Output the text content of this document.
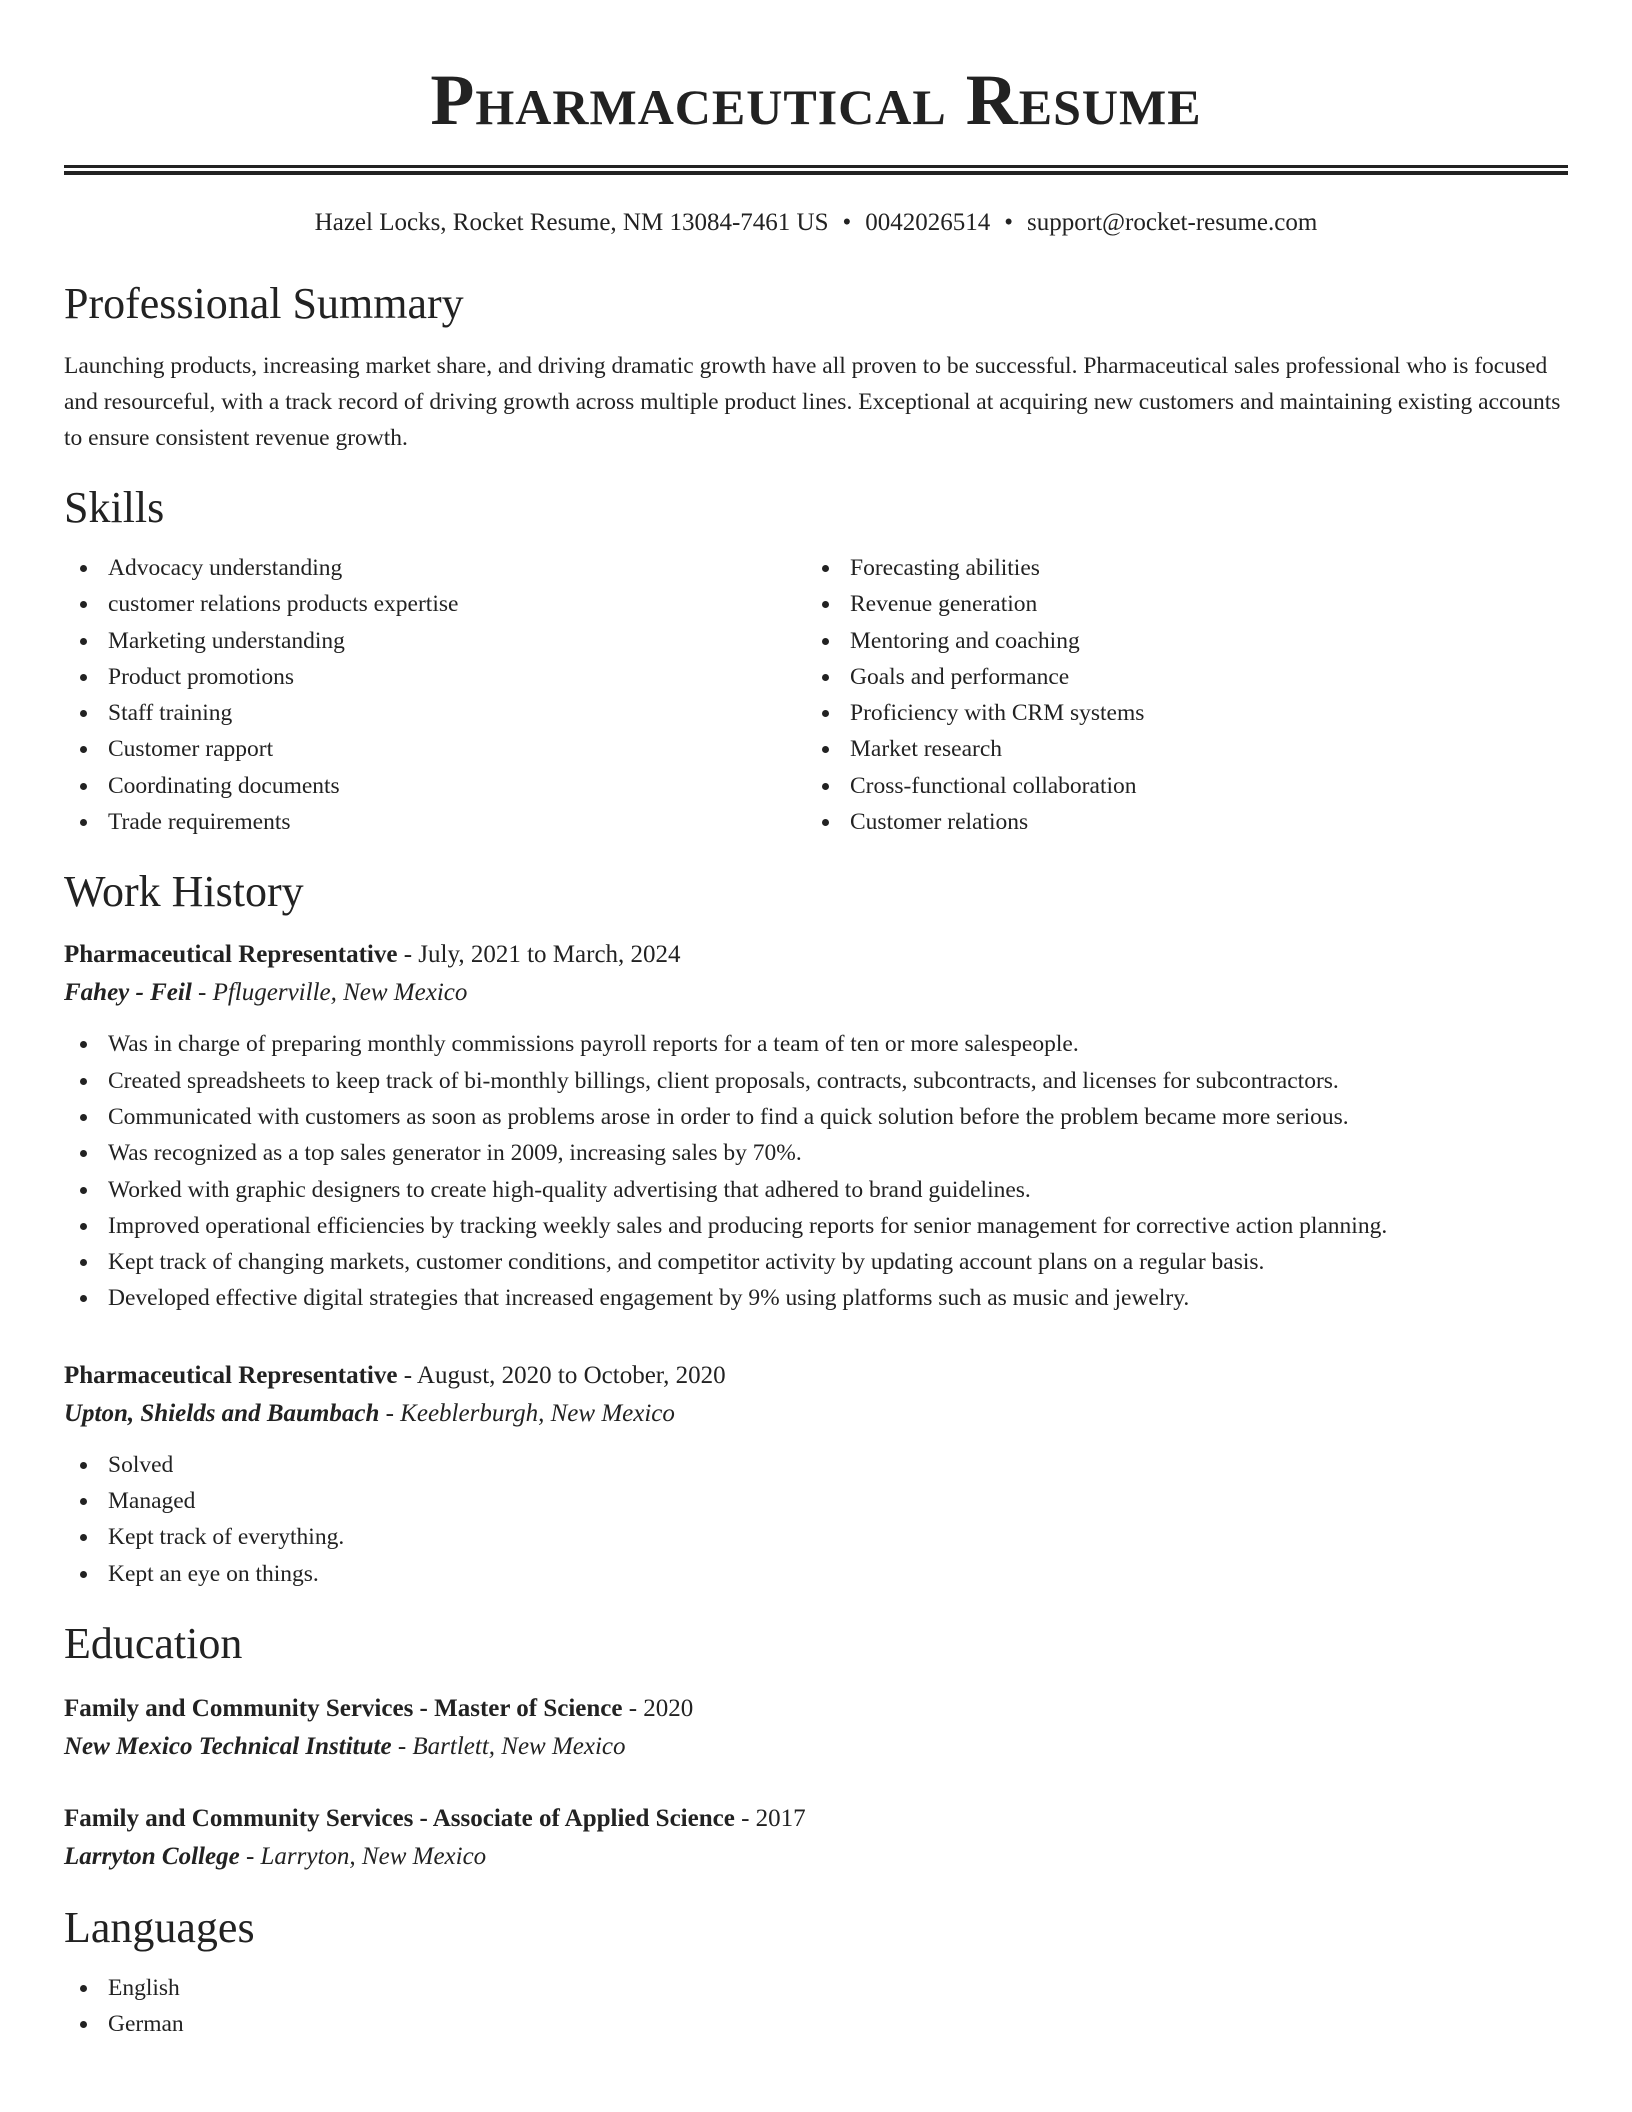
Pharmaceutical Resume
Hazel Locks, Rocket Resume, NM 13084-7461 US • 0042026514 • support@rocket-resume.com
Professional Summary

Launching products, increasing market share, and driving dramatic growth have all proven to be successful. Pharmaceutical sales professional who is focused and resourceful, with a track record of driving growth across multiple product lines. Exceptional at acquiring new customers and maintaining existing accounts to ensure consistent revenue growth.

Skills
Advocacy understanding
customer relations products expertise
Marketing understanding
Product promotions
Staff training
Customer rapport
Coordinating documents
Trade requirements
Forecasting abilities
Revenue generation
Mentoring and coaching
Goals and performance
Proficiency with CRM systems
Market research
Cross-functional collaboration
Customer relations
Work History
Pharmaceutical Representative - July, 2021 to March, 2024
Fahey - Feil - Pflugerville, New Mexico
Was in charge of preparing monthly commissions payroll reports for a team of ten or more salespeople.
Created spreadsheets to keep track of bi-monthly billings, client proposals, contracts, subcontracts, and licenses for subcontractors.
Communicated with customers as soon as problems arose in order to find a quick solution before the problem became more serious.
Was recognized as a top sales generator in 2009, increasing sales by 70%.
Worked with graphic designers to create high-quality advertising that adhered to brand guidelines.
Improved operational efficiencies by tracking weekly sales and producing reports for senior management for corrective action planning.
Kept track of changing markets, customer conditions, and competitor activity by updating account plans on a regular basis.
Developed effective digital strategies that increased engagement by 9% using platforms such as music and jewelry.
Pharmaceutical Representative - August, 2020 to October, 2020
Upton, Shields and Baumbach - Keeblerburgh, New Mexico
Solved
Managed
Kept track of everything.
Kept an eye on things.
Education
Family and Community Services - Master of Science - 2020
New Mexico Technical Institute - Bartlett, New Mexico
Family and Community Services - Associate of Applied Science - 2017
Larryton College - Larryton, New Mexico
Languages
English
German
